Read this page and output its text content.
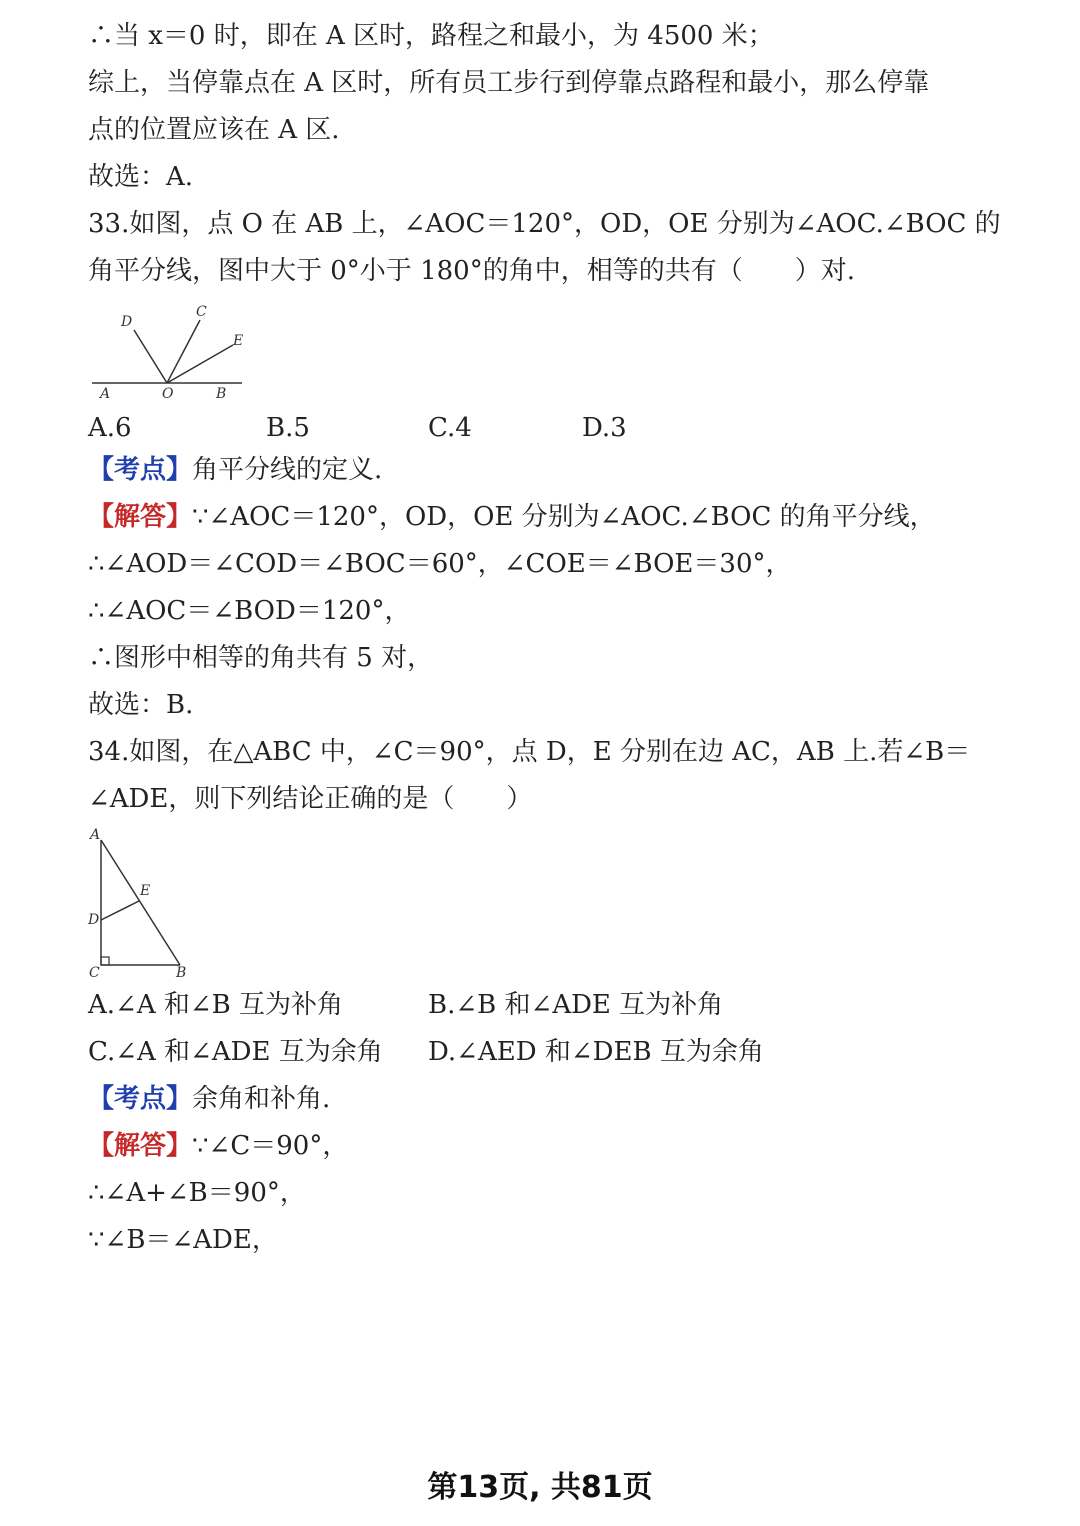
∴当 x＝0 时，即在 A 区时，路程之和最小，为 4500 米；
综上，当停靠点在 A 区时，所有员工步行到停靠点路程和最小，那么停靠
点的位置应该在 A 区.
故选：A.
33.如图，点 O 在 AB 上，∠AOC＝120°，OD，OE 分别为∠AOC.∠BOC 的
角平分线，图中大于 0°小于 180°的角中，相等的共有（　　）对.
D
C
E
A	O	B
A.6	B.5	C.4	D.3
【考点】角平分线的定义.
【解答】∵∠AOC＝120°，OD，OE 分别为∠AOC.∠BOC 的角平分线，
∴∠AOD＝∠COD＝∠BOC＝60°，∠COE＝∠BOE＝30°，
∴∠AOC＝∠BOD＝120°，
∴图形中相等的角共有 5 对，
故选：B.
34.如图，在△ABC 中，∠C＝90°，点 D，E 分别在边 AC，AB 上.若∠B＝
∠ADE，则下列结论正确的是（　　）
A
E
D
C	B
A.∠A 和∠B 互为补角	B.∠B 和∠ADE 互为补角
C.∠A 和∠ADE 互为余角 D.∠AED 和∠DEB 互为余角
【考点】余角和补角.
【解答】∵∠C＝90°，
∴∠A+∠B＝90°，
∵∠B＝∠ADE，
第13页, 共81页
